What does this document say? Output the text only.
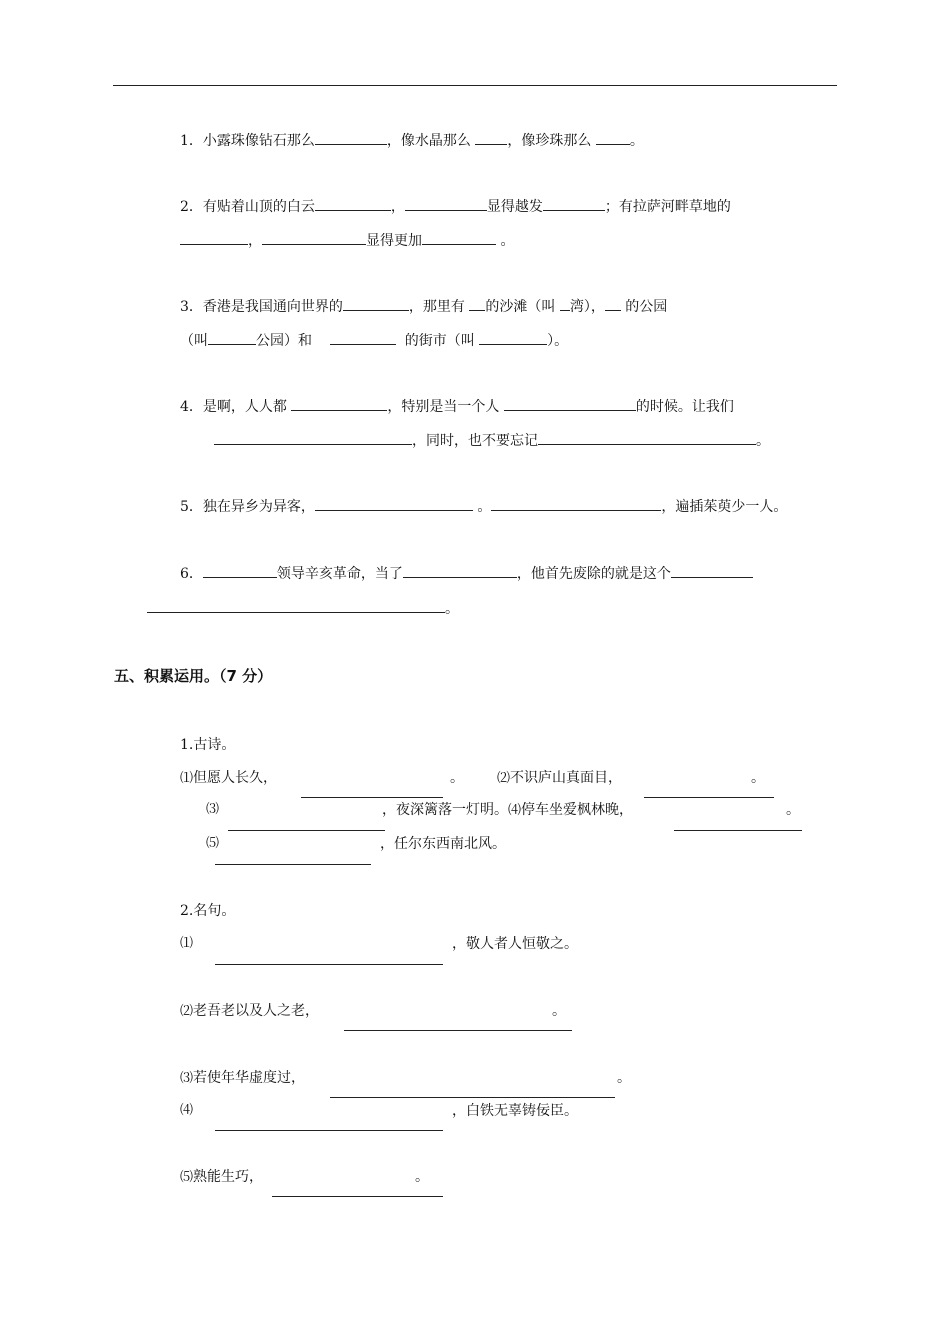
1．小露珠像钻石那么	，像水晶那么	，像珍珠那么	。
2．有贴着山顶的白云	，	显得越发	；有拉萨河畔草地的
，	显得更加	。
3．香港是我国通向世界的	，那里有 的沙滩（叫 湾）， 的公园
（叫	公园）和	的街市（叫	）。
4．是啊，人人都	，特别是当一个人	的时候。让我们
，同时，也不要忘记	。
5．独在异乡为异客，	。	，遍插茱萸少一人。
6．	领导辛亥革命，当了	，他首先废除的就是这个
。
五、积累运用。（7 分）
1.古诗。
⑴但愿人长久，	。	⑵不识庐山真面目，	。
⑶	，夜深篱落一灯明。⑷停车坐爱枫林晚，	。
⑸	，任尔东西南北风。
2.名句。
⑴	，敬人者人恒敬之。
⑵老吾老以及人之老，	。
⑶若使年华虚度过，	。
⑷	，白铁无辜铸佞臣。
⑸熟能生巧，	。
